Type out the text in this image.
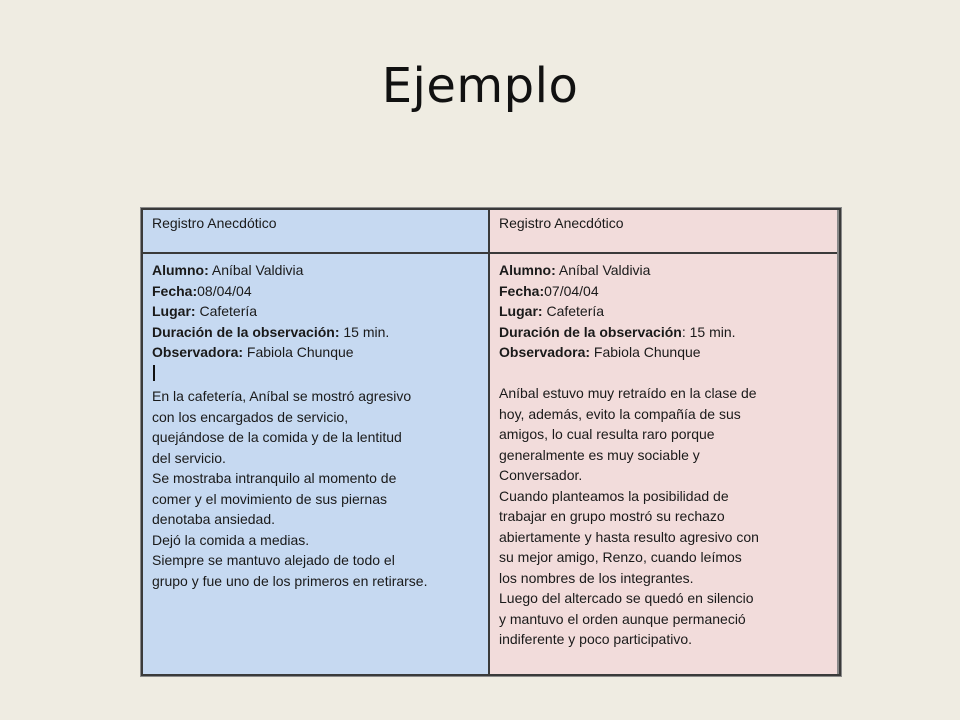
Ejemplo
Registro Anecdótico
Alumno: Aníbal Valdivia
Fecha:08/04/04
Lugar: Cafetería
Duración de la observación: 15 min.
Observadora: Fabiola Chunque
En la cafetería, Aníbal se mostró agresivo
con los encargados de servicio,
quejándose de la comida y de la lentitud
del servicio.
Se mostraba intranquilo al momento de
comer y el movimiento de sus piernas
denotaba ansiedad.
Dejó la comida a medias.
Siempre se mantuvo alejado de todo el
grupo y fue uno de los primeros en retirarse.
Registro Anecdótico
Alumno: Aníbal Valdivia
Fecha:07/04/04
Lugar: Cafetería
Duración de la observación: 15 min.
Observadora: Fabiola Chunque
Aníbal estuvo muy retraído en la clase de
hoy, además, evito la compañía de sus
amigos, lo cual resulta raro porque
generalmente es muy sociable y
Conversador.
Cuando planteamos la posibilidad de
trabajar en grupo mostró su rechazo
abiertamente y hasta resulto agresivo con
su mejor amigo, Renzo, cuando leímos
los nombres de los integrantes.
Luego del altercado se quedó en silencio
y mantuvo el orden aunque permaneció
indiferente y poco participativo.
